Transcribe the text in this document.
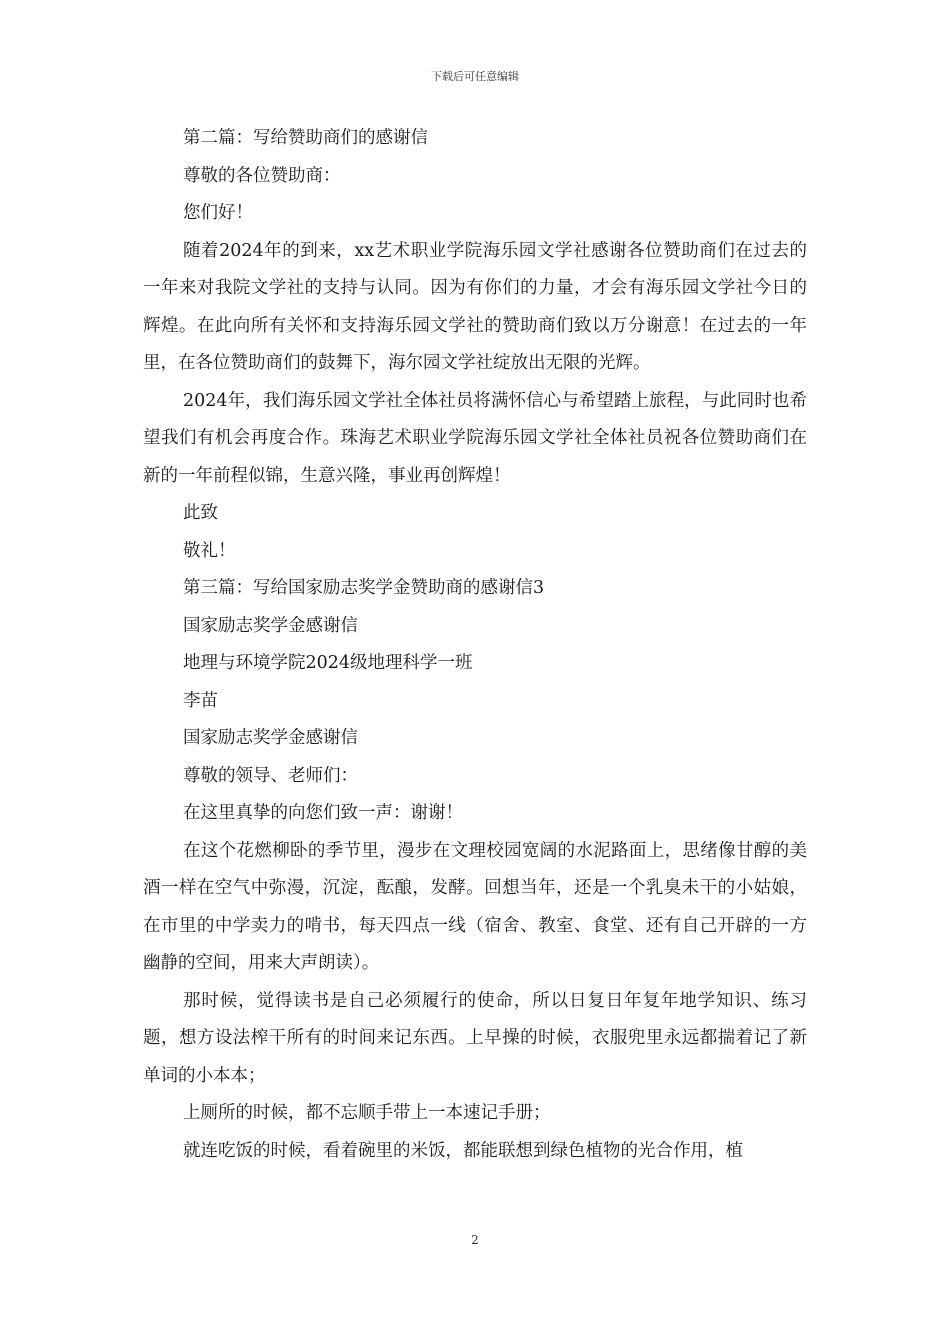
下载后可任意编辑

第二篇：写给赞助商们的感谢信

尊敬的各位赞助商：

您们好！

随着2024年的到来，xx艺术职业学院海乐园文学社感谢各位赞助商们在过去的一年来对我院文学社的支持与认同。因为有你们的力量，才会有海乐园文学社今日的辉煌。在此向所有关怀和支持海乐园文学社的赞助商们致以万分谢意！在过去的一年里，在各位赞助商们的鼓舞下，海尔园文学社绽放出无限的光辉。

2024年，我们海乐园文学社全体社员将满怀信心与希望踏上旅程，与此同时也希望我们有机会再度合作。珠海艺术职业学院海乐园文学社全体社员祝各位赞助商们在新的一年前程似锦，生意兴隆，事业再创辉煌！

此致

敬礼！

第三篇：写给国家励志奖学金赞助商的感谢信3

国家励志奖学金感谢信

地理与环境学院2024级地理科学一班

李苗

国家励志奖学金感谢信

尊敬的领导、老师们：

在这里真挚的向您们致一声：谢谢！

在这个花燃柳卧的季节里，漫步在文理校园宽阔的水泥路面上，思绪像甘醇的美酒一样在空气中弥漫，沉淀，酝酿，发酵。回想当年，还是一个乳臭未干的小姑娘，在市里的中学卖力的啃书，每天四点一线（宿舍、教室、食堂、还有自己开辟的一方幽静的空间，用来大声朗读）。

那时候，觉得读书是自己必须履行的使命，所以日复日年复年地学知识、练习题，想方设法榨干所有的时间来记东西。上早操的时候，衣服兜里永远都揣着记了新单词的小本本；

上厕所的时候，都不忘顺手带上一本速记手册；

就连吃饭的时候，看着碗里的米饭，都能联想到绿色植物的光合作用，植

2
